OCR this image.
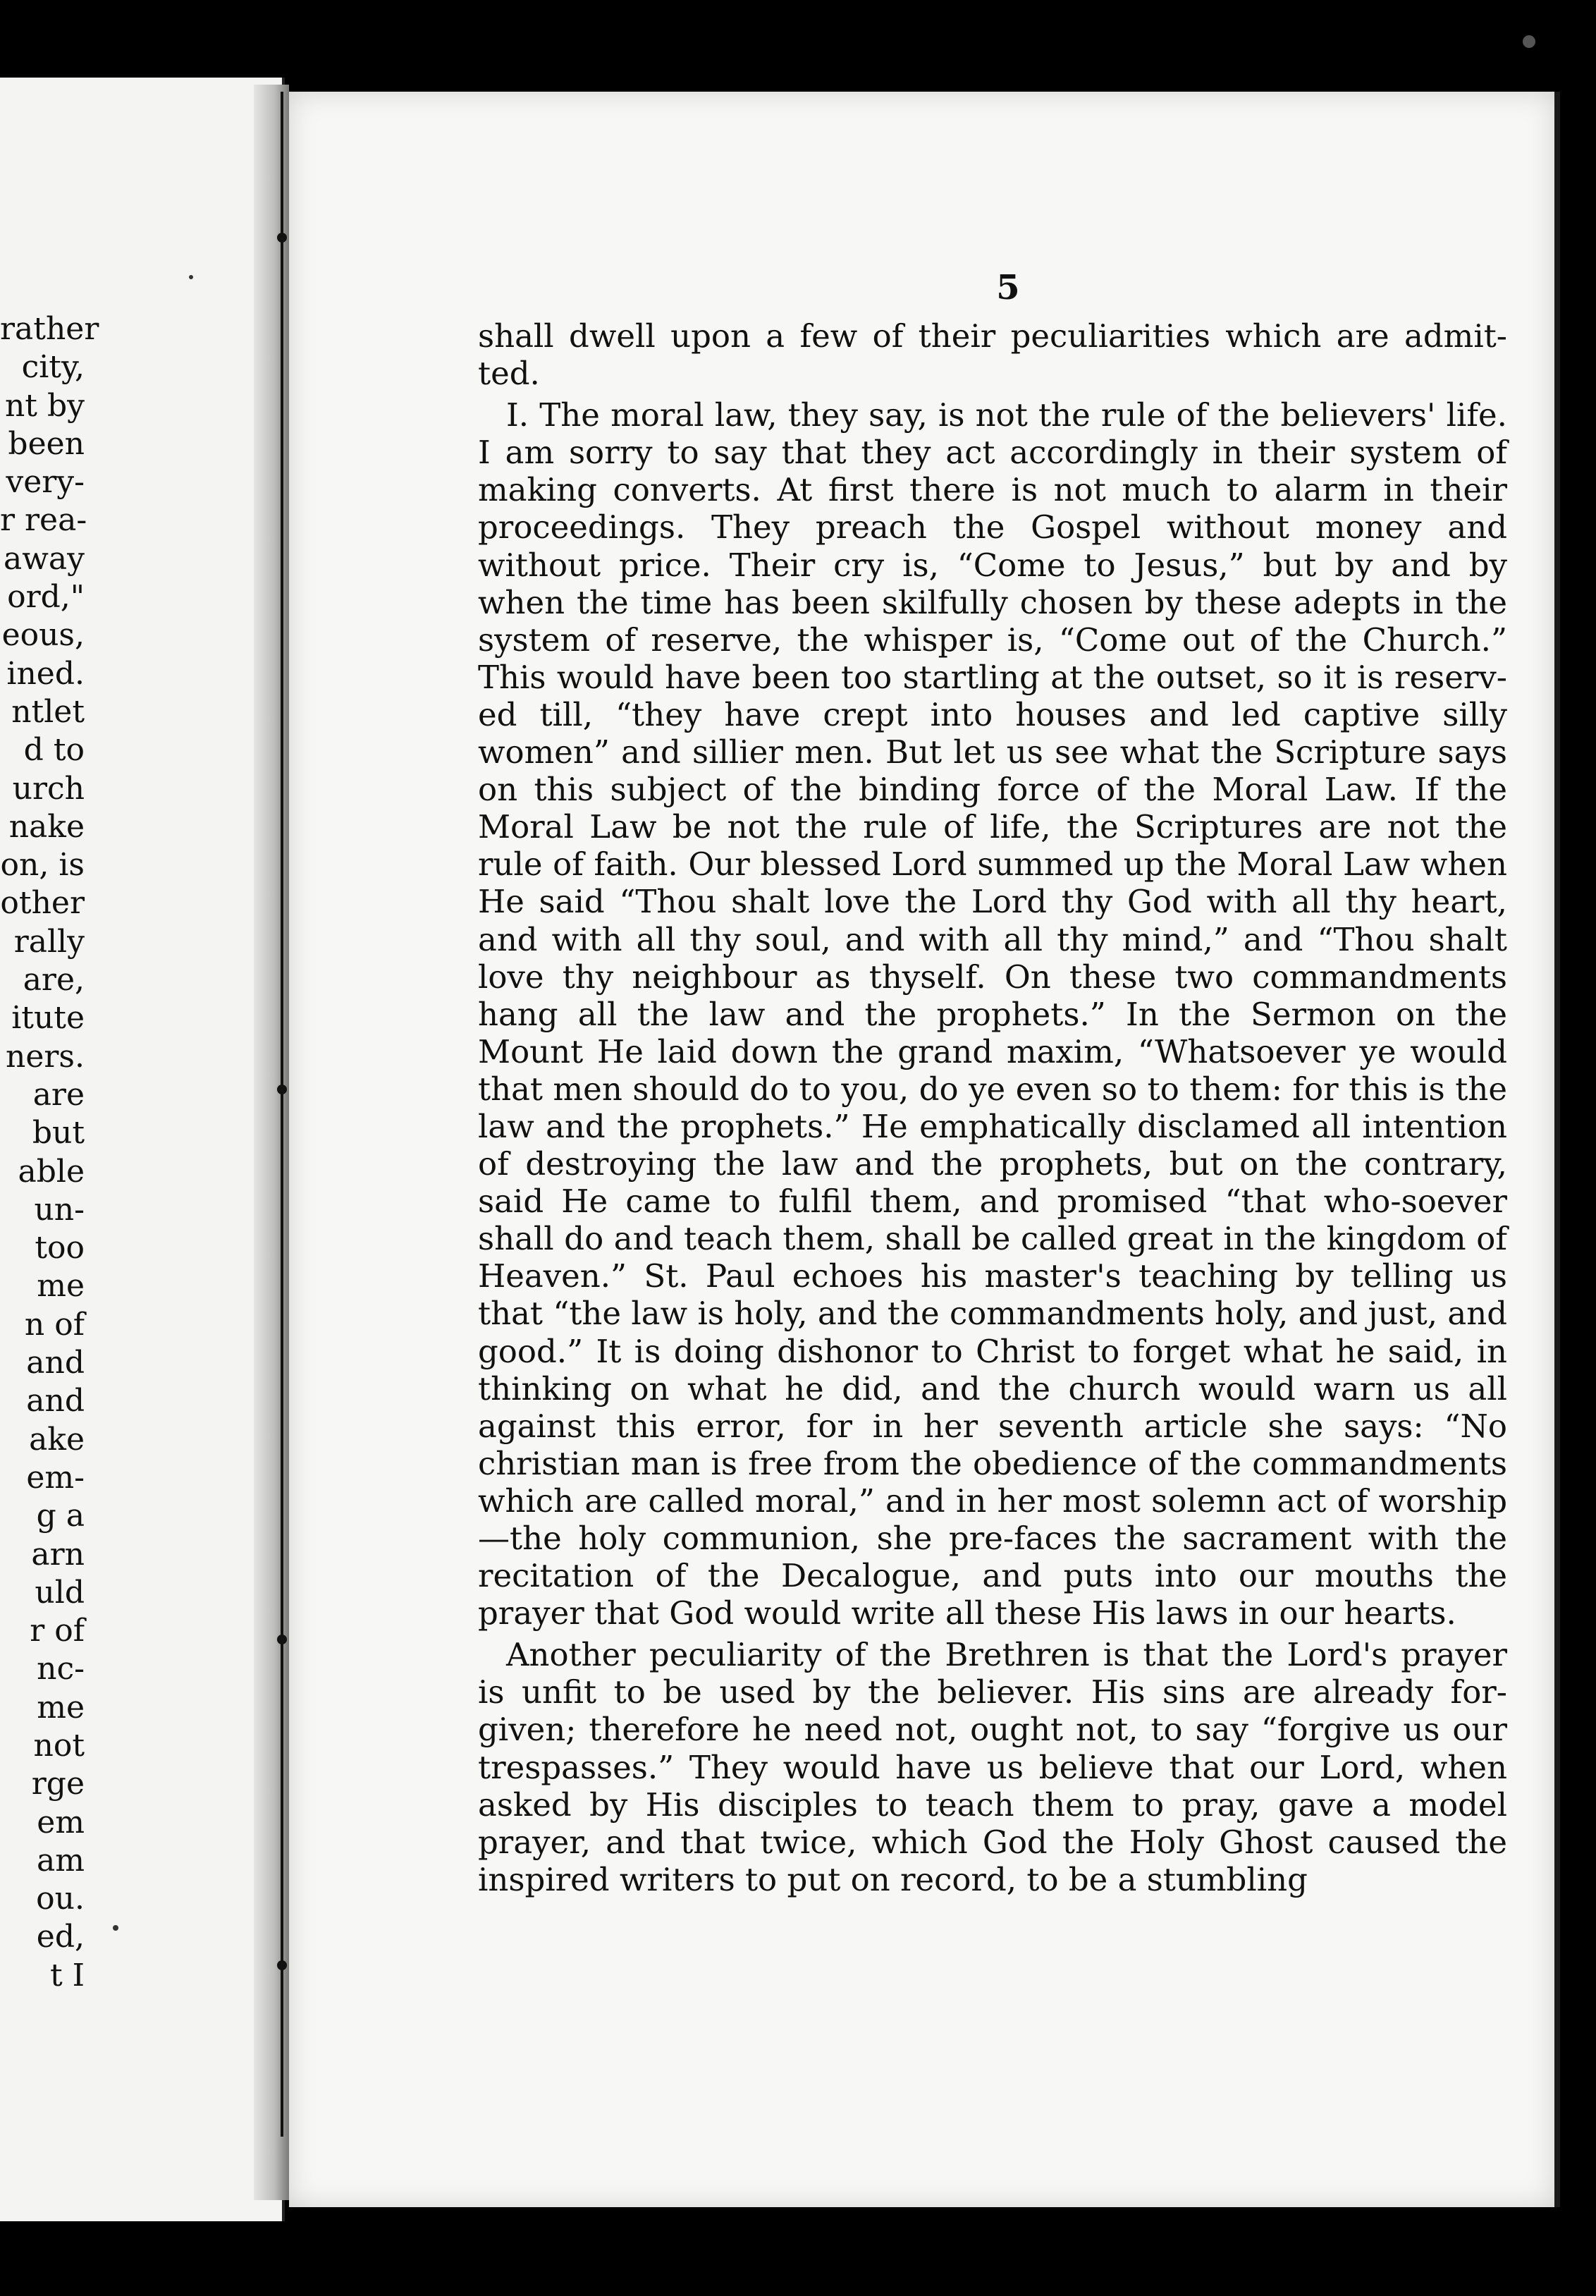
rather
city,
nt by
been
very-
r rea-
away
ord,"
eous,
ined.
ntlet
d to
urch
nake
on, is
other
rally
are,
itute
ners.
are
but
able
un-
too
me
n of
and
and
ake
em-
g a
arn
uld
r of
nc-
me
not
rge
em
am
ou.
ed,
t I
5

shall dwell upon a few of their peculiarities which are admit-ted.

I. The moral law, they say, is not the rule of the believers' life. I am sorry to say that they act accordingly in their system of making converts. At first there is not much to alarm in their proceedings. They preach the Gospel without money and without price. Their cry is, “Come to Jesus,” but by and by when the time has been skilfully chosen by these adepts in the system of reserve, the whisper is, “Come out of the Church.” This would have been too startling at the outset, so it is reserv-ed till, “they have crept into houses and led captive silly women” and sillier men. But let us see what the Scripture says on this subject of the binding force of the Moral Law. If the Moral Law be not the rule of life, the Scriptures are not the rule of faith. Our blessed Lord summed up the Moral Law when He said “Thou shalt love the Lord thy God with all thy heart, and with all thy soul, and with all thy mind,” and “Thou shalt love thy neighbour as thyself. On these two commandments hang all the law and the prophets.” In the Sermon on the Mount He laid down the grand maxim, “Whatsoever ye would that men should do to you, do ye even so to them: for this is the law and the prophets.” He emphatically disclamed all intention of destroying the law and the prophets, but on the contrary, said He came to fulfil them, and promised “that who-soever shall do and teach them, shall be called great in the kingdom of Heaven.” St. Paul echoes his master's teaching by telling us that “the law is holy, and the commandments holy, and just, and good.” It is doing dishonor to Christ to forget what he said, in thinking on what he did, and the church would warn us all against this error, for in her seventh article she says: “No christian man is free from the obedience of the commandments which are called moral,” and in her most solemn act of worship—the holy communion, she pre-faces the sacrament with the recitation of the Decalogue, and puts into our mouths the prayer that God would write all these His laws in our hearts.

Another peculiarity of the Brethren is that the Lord's prayer is unfit to be used by the believer. His sins are already for-given; therefore he need not, ought not, to say “forgive us our trespasses.” They would have us believe that our Lord, when asked by His disciples to teach them to pray, gave a model prayer, and that twice, which God the Holy Ghost caused the inspired writers to put on record, to be a stumbling
